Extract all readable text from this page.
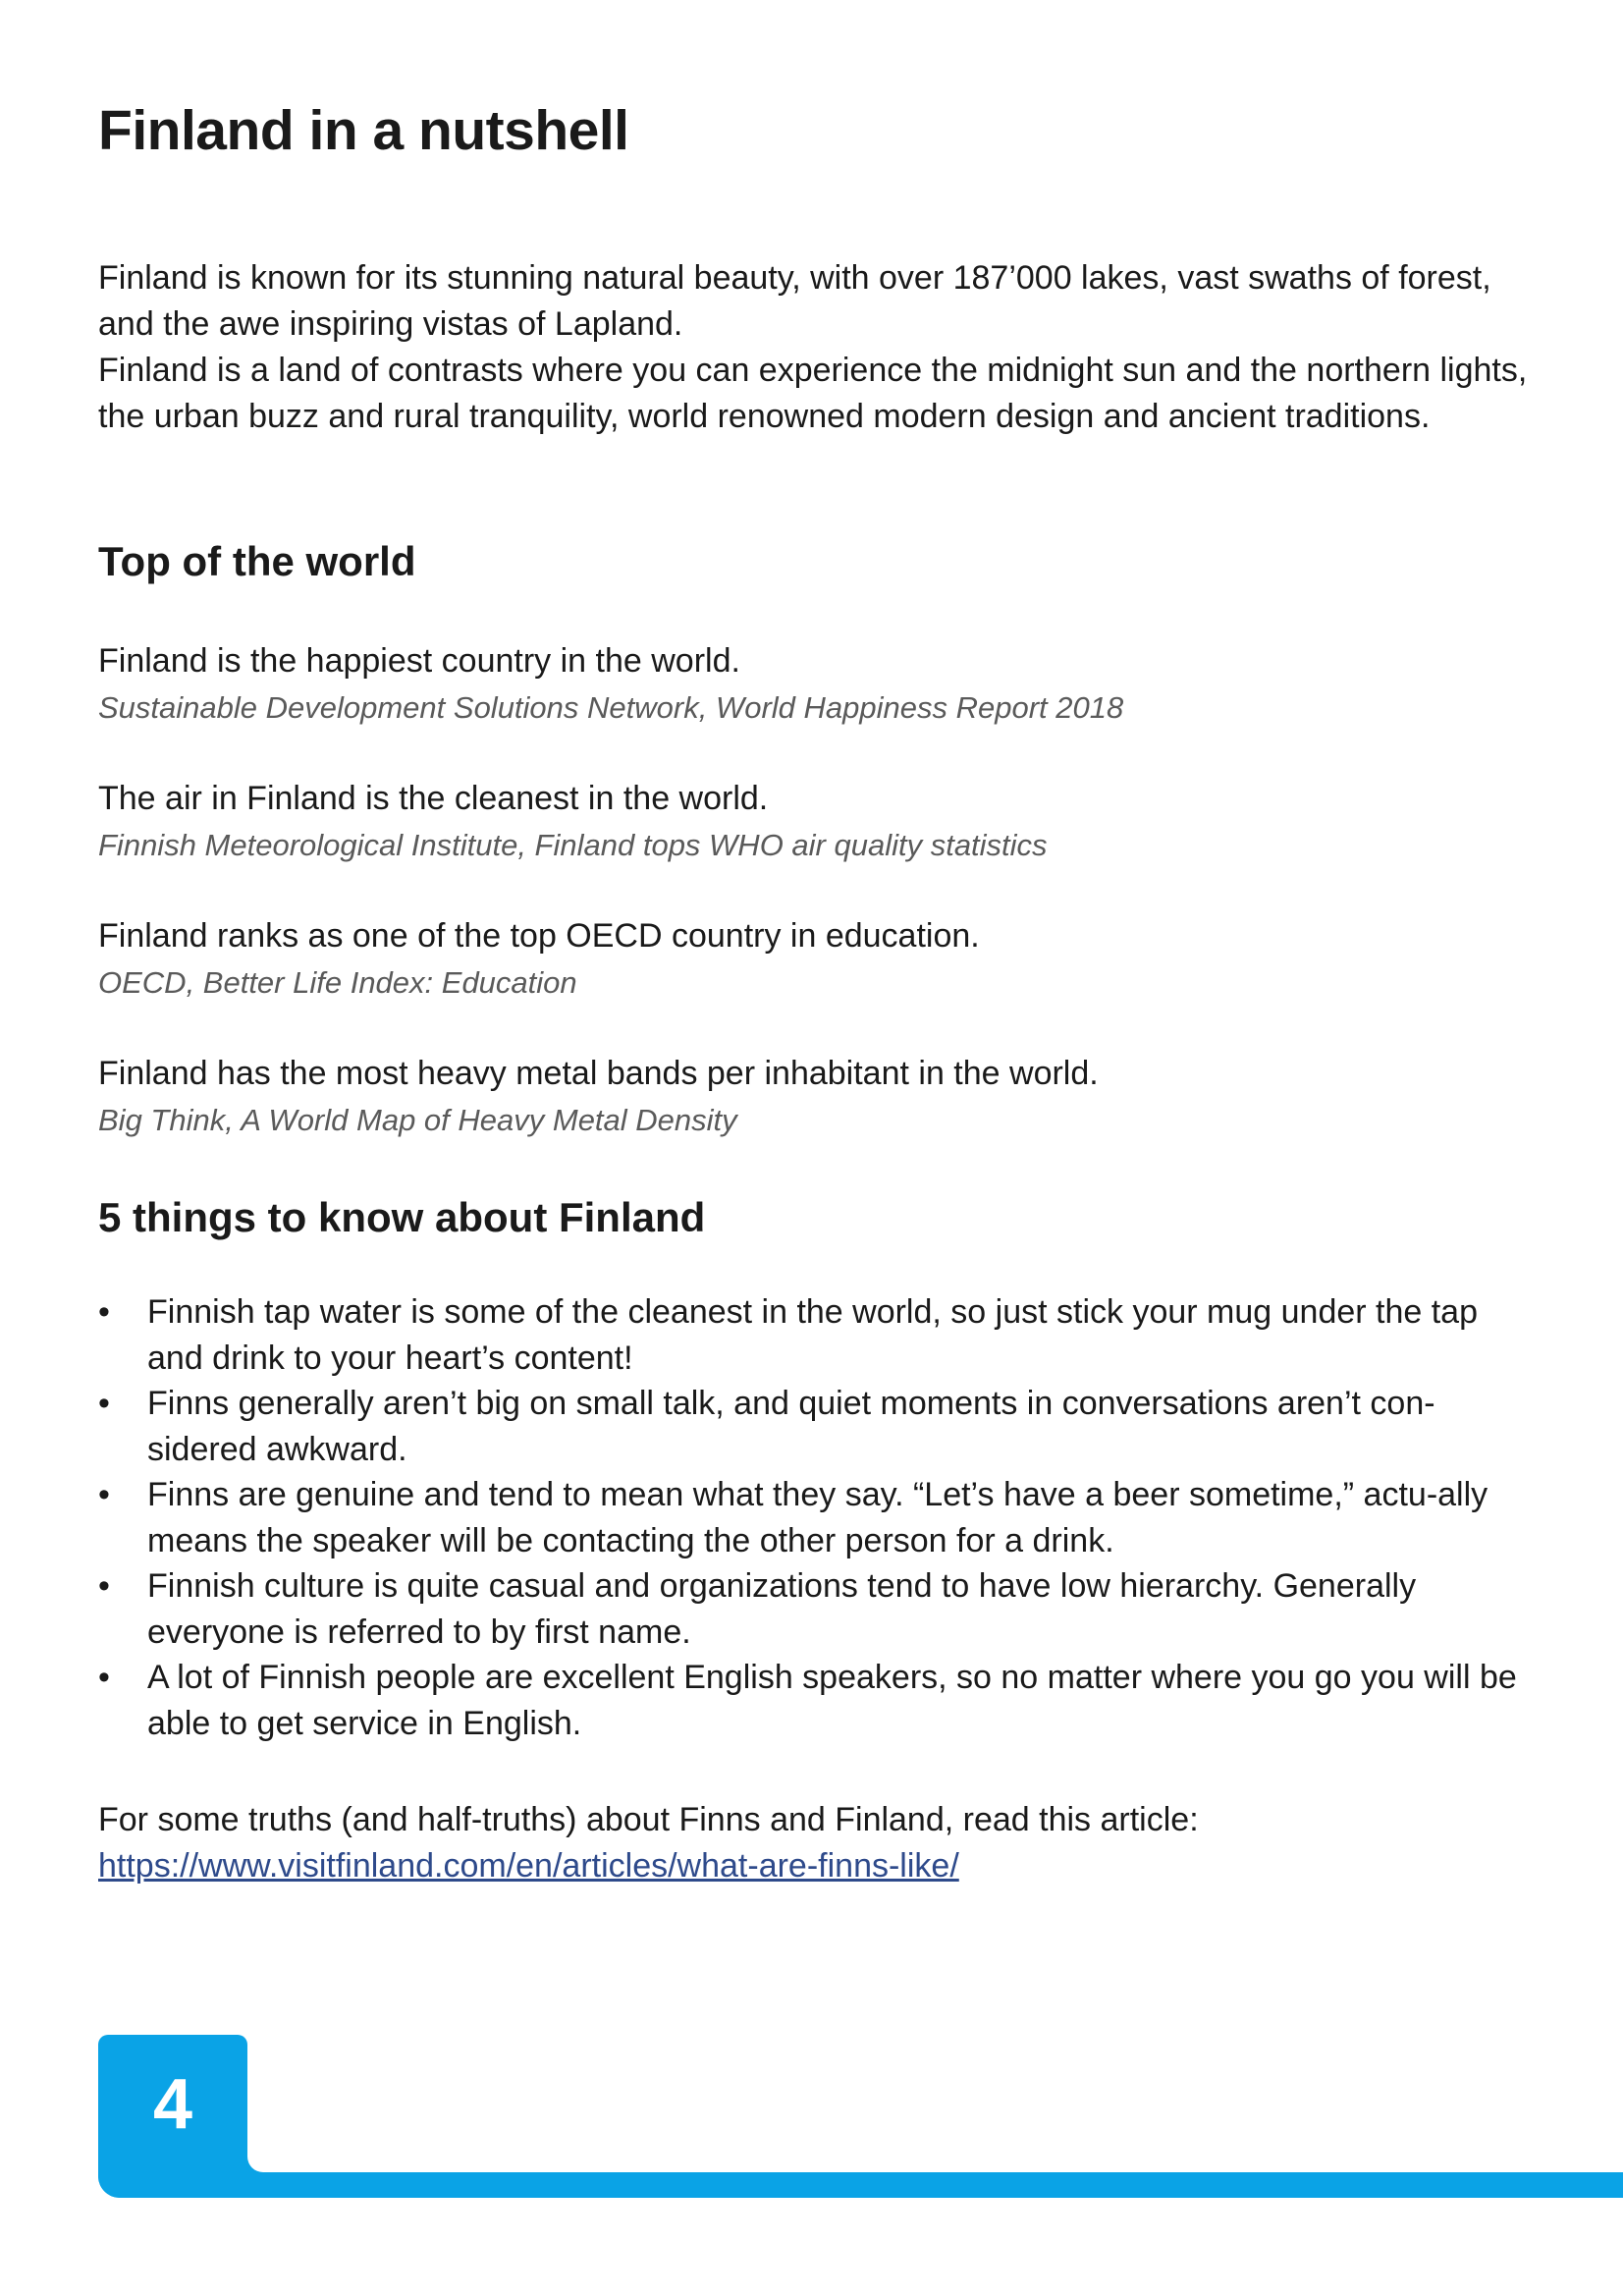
Finland in a nutshell

Finland is known for its stunning natural beauty, with over 187’000 lakes, vast swaths of forest, and the awe inspiring vistas of Lapland.

Finland is a land of contrasts where you can experience the midnight sun and the northern lights, the urban buzz and rural tranquility, world renowned modern design and ancient traditions.

Top of the world

Finland is the happiest country in the world.

Sustainable Development Solutions Network, World Happiness Report 2018

The air in Finland is the cleanest in the world.

Finnish Meteorological Institute, Finland tops WHO air quality statistics

Finland ranks as one of the top OECD country in education.

OECD, Better Life Index: Education

Finland has the most heavy metal bands per inhabitant in the world.

Big Think, A World Map of Heavy Metal Density

5 things to know about Finland
• Finnish tap water is some of the cleanest in the world, so just stick your mug under the tap and drink to your heart’s content!
• Finns generally aren’t big on small talk, and quiet moments in conversations aren’t con-sidered awkward.
• Finns are genuine and tend to mean what they say. “Let’s have a beer sometime,” actu-ally means the speaker will be contacting the other person for a drink.
• Finnish culture is quite casual and organizations tend to have low hierarchy. Generally everyone is referred to by first name.
• A lot of Finnish people are excellent English speakers, so no matter where you go you will be able to get service in English.

For some truths (and half-truths) about Finns and Finland, read this article:

https://www.visitfinland.com/en/articles/what-are-finns-like/
4
